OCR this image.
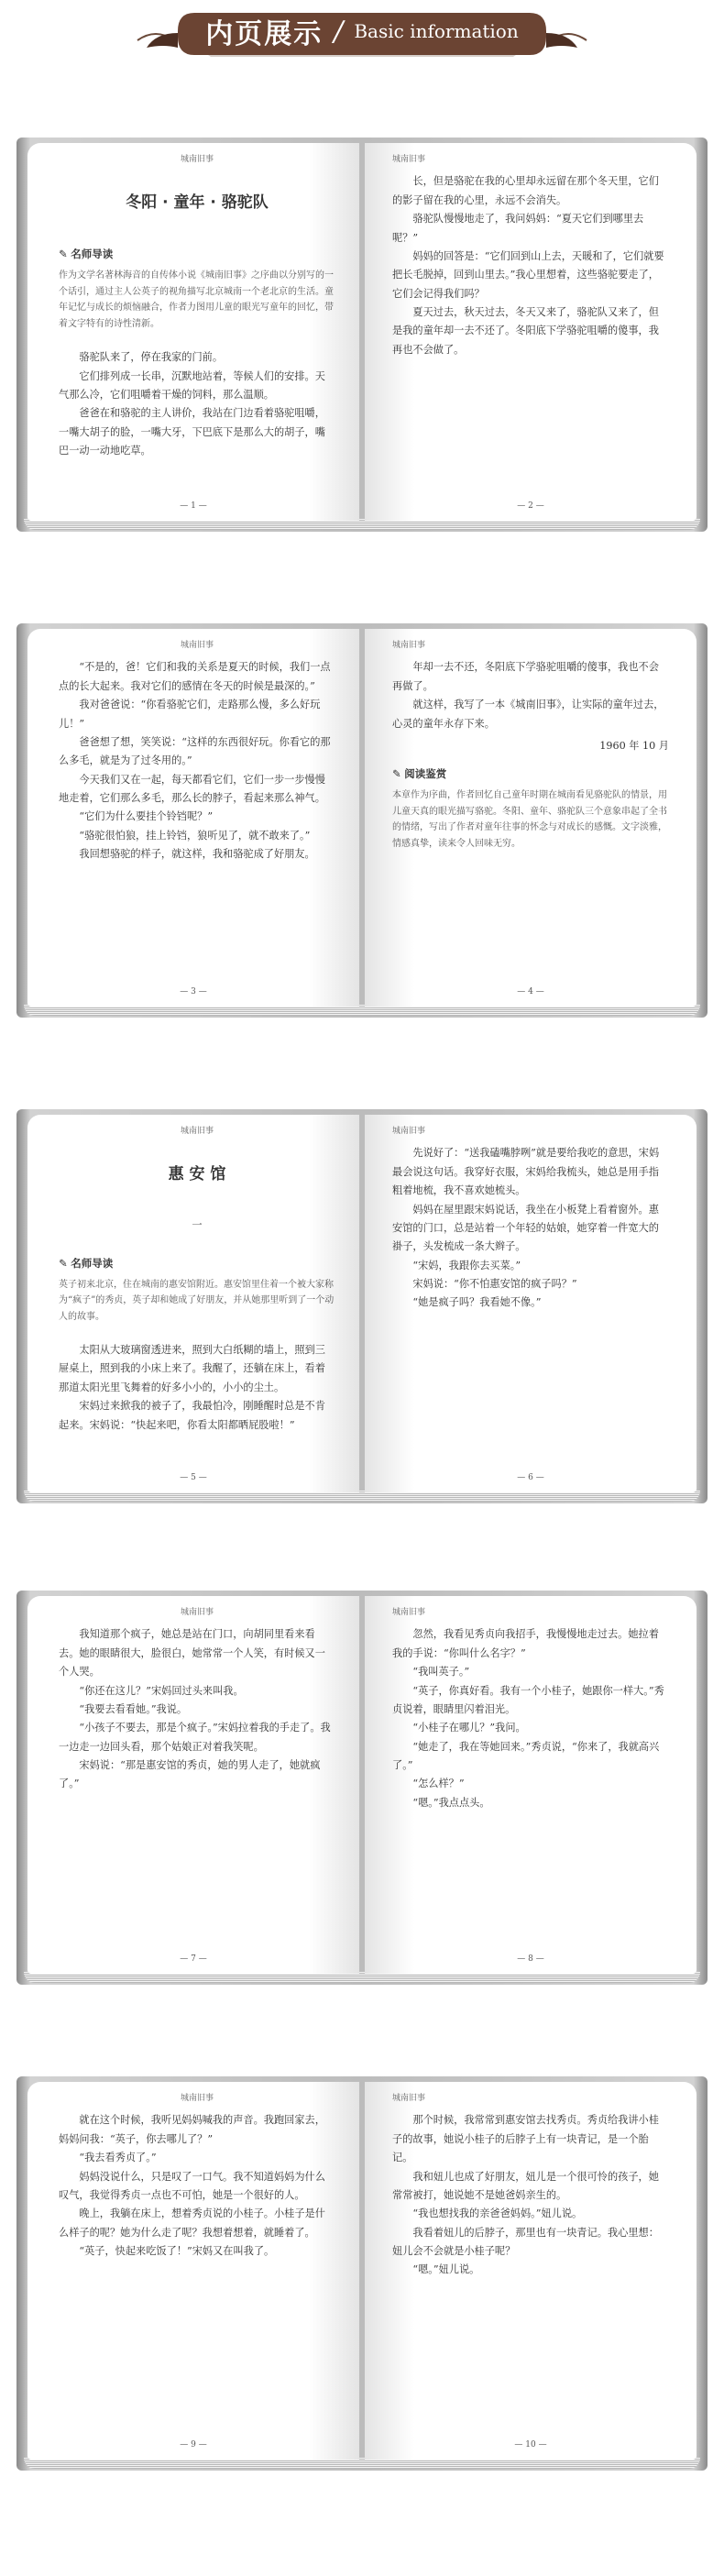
内页展示 / Basic information
城南旧事
冬阳 · 童年 · 骆驼队
✎ 名师导读
作为文学名著林海音的自传体小说《城南旧事》之序曲以分别写的一个话引，通过主人公英子的视角描写北京城南一个老北京的生活。童年记忆与成长的烦恼融合，作者力图用儿童的眼光写童年的回忆，带着文字特有的诗性清新。

骆驼队来了，停在我家的门前。

它们排列成一长串，沉默地站着，等候人们的安排。天气那么冷，它们咀嚼着干燥的饲料，那么温顺。

爸爸在和骆驼的主人讲价，我站在门边看着骆驼咀嚼，一嘴大胡子的脸，一嘴大牙，下巴底下是那么大的胡子，嘴巴一动一动地吃草。

— 1 —
城南旧事

长，但是骆驼在我的心里却永远留在那个冬天里，它们的影子留在我的心里，永远不会消失。

骆驼队慢慢地走了，我问妈妈：“夏天它们到哪里去呢？”

妈妈的回答是：“它们回到山上去，天暖和了，它们就要把长毛脱掉，回到山里去。”我心里想着，这些骆驼要走了，它们会记得我们吗？

夏天过去，秋天过去，冬天又来了，骆驼队又来了，但是我的童年却一去不还了。冬阳底下学骆驼咀嚼的傻事，我再也不会做了。

— 2 —
城南旧事

“不是的，爸！它们和我的关系是夏天的时候，我们一点点的长大起来。我对它们的感情在冬天的时候是最深的。”

我对爸爸说：“你看骆驼它们，走路那么慢，多么好玩儿！”

爸爸想了想，笑笑说：“这样的东西很好玩。你看它的那么多毛，就是为了过冬用的。”

今天我们又在一起，每天都看它们，它们一步一步慢慢地走着，它们那么多毛，那么长的脖子，看起来那么神气。

“它们为什么要挂个铃铛呢？”

“骆驼很怕狼，挂上铃铛，狼听见了，就不敢来了。”

我回想骆驼的样子，就这样，我和骆驼成了好朋友。

— 3 —
城南旧事

年却一去不还，冬阳底下学骆驼咀嚼的傻事，我也不会再做了。

就这样，我写了一本《城南旧事》，让实际的童年过去，心灵的童年永存下来。

1960 年 10 月
✎ 阅读鉴赏
本章作为序曲，作者回忆自己童年时期在城南看见骆驼队的情景，用儿童天真的眼光描写骆驼。冬阳、童年、骆驼队三个意象串起了全书的情绪，写出了作者对童年往事的怀念与对成长的感慨。文字淡雅，情感真挚，读来令人回味无穷。
— 4 —
城南旧事
惠 安 馆
一
✎ 名师导读
英子初来北京，住在城南的惠安馆附近。惠安馆里住着一个被大家称为“疯子”的秀贞，英子却和她成了好朋友，并从她那里听到了一个动人的故事。

太阳从大玻璃窗透进来，照到大白纸糊的墙上，照到三屉桌上，照到我的小床上来了。我醒了，还躺在床上，看着那道太阳光里飞舞着的好多小小的，小小的尘土。

宋妈过来掀我的被子了，我最怕冷，刚睡醒时总是不肯起来。宋妈说：“快起来吧，你看太阳都晒屁股啦！”

— 5 —
城南旧事

先说好了：“送我磕嘴脖咧”就是要给我吃的意思，宋妈最会说这句话。我穿好衣服，宋妈给我梳头，她总是用手指粗着地梳，我不喜欢她梳头。

妈妈在屋里跟宋妈说话，我坐在小板凳上看着窗外。惠安馆的门口，总是站着一个年轻的姑娘，她穿着一件宽大的褂子，头发梳成一条大辫子。

“宋妈，我跟你去买菜。”

宋妈说：“你不怕惠安馆的疯子吗？”

“她是疯子吗？我看她不像。”

— 6 —
城南旧事

我知道那个疯子，她总是站在门口，向胡同里看来看去。她的眼睛很大，脸很白，她常常一个人笑，有时候又一个人哭。

“你还在这儿？”宋妈回过头来叫我。

“我要去看看她。”我说。

“小孩子不要去，那是个疯子。”宋妈拉着我的手走了。我一边走一边回头看，那个姑娘正对着我笑呢。

宋妈说：“那是惠安馆的秀贞，她的男人走了，她就疯了。”

— 7 —
城南旧事

忽然，我看见秀贞向我招手，我慢慢地走过去。她拉着我的手说：“你叫什么名字？”

“我叫英子。”

“英子，你真好看。我有一个小桂子，她跟你一样大。”秀贞说着，眼睛里闪着泪光。

“小桂子在哪儿？”我问。

“她走了，我在等她回来。”秀贞说，“你来了，我就高兴了。”

“怎么样？”

“嗯。”我点点头。

— 8 —
城南旧事

就在这个时候，我听见妈妈喊我的声音。我跑回家去，妈妈问我：“英子，你去哪儿了？”

“我去看秀贞了。”

妈妈没说什么，只是叹了一口气。我不知道妈妈为什么叹气，我觉得秀贞一点也不可怕，她是一个很好的人。

晚上，我躺在床上，想着秀贞说的小桂子。小桂子是什么样子的呢？她为什么走了呢？我想着想着，就睡着了。

“英子，快起来吃饭了！”宋妈又在叫我了。

— 9 —
城南旧事

那个时候，我常常到惠安馆去找秀贞。秀贞给我讲小桂子的故事，她说小桂子的后脖子上有一块青记，是一个胎记。

我和妞儿也成了好朋友，妞儿是一个很可怜的孩子，她常常被打，她说她不是她爸妈亲生的。

“我也想找我的亲爸爸妈妈。”妞儿说。

我看着妞儿的后脖子，那里也有一块青记。我心里想：妞儿会不会就是小桂子呢？

“嗯。”妞儿说。

— 10 —
